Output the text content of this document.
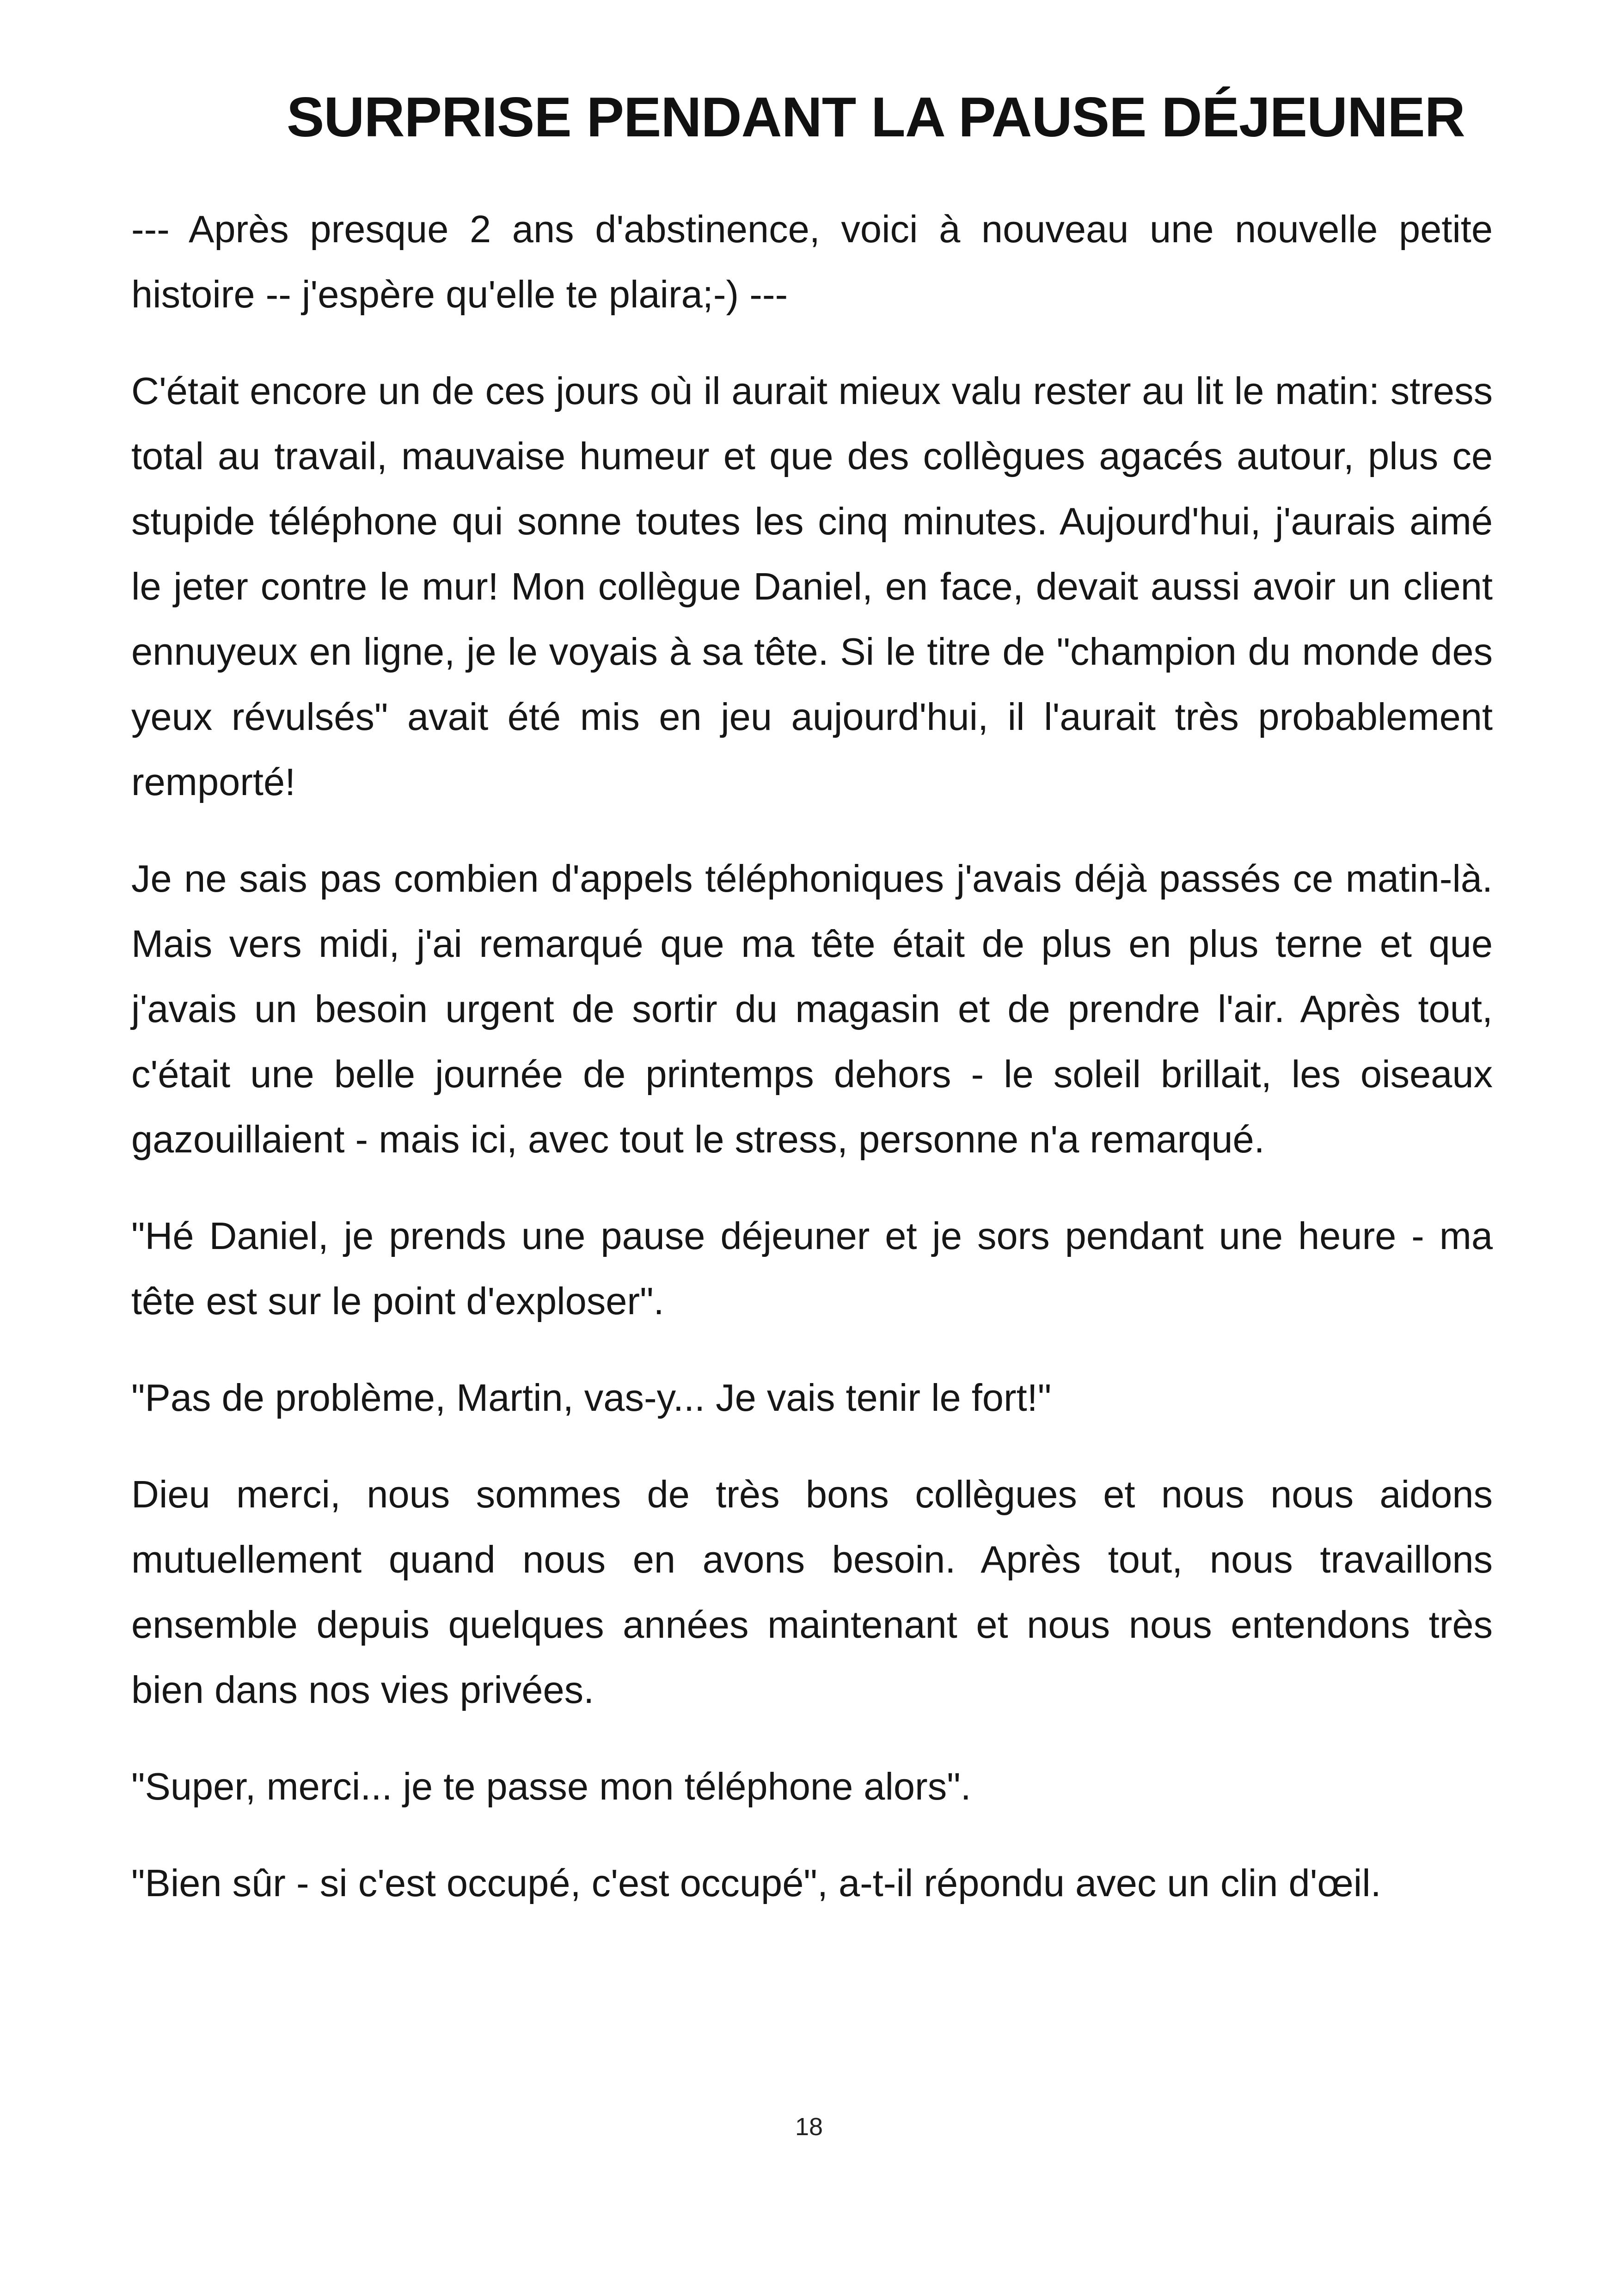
SURPRISE PENDANT LA PAUSE DÉJEUNER

--- Après presque 2 ans d'abstinence, voici à nouveau une nouvelle petite histoire -- j'espère qu'elle te plaira;-) ---

C'était encore un de ces jours où il aurait mieux valu rester au lit le matin: stress total au travail, mauvaise humeur et que des collègues agacés autour, plus ce stupide téléphone qui sonne toutes les cinq minutes. Aujourd'hui, j'aurais aimé le jeter contre le mur! Mon collègue Daniel, en face, devait aussi avoir un client ennuyeux en ligne, je le voyais à sa tête. Si le titre de "champion du monde des yeux révulsés" avait été mis en jeu aujourd'hui, il l'aurait très probablement remporté!

Je ne sais pas combien d'appels téléphoniques j'avais déjà passés ce matin-là. Mais vers midi, j'ai remarqué que ma tête était de plus en plus terne et que j'avais un besoin urgent de sortir du magasin et de prendre l'air. Après tout, c'était une belle journée de printemps dehors - le soleil brillait, les oiseaux gazouillaient - mais ici, avec tout le stress, personne n'a remarqué.

"Hé Daniel, je prends une pause déjeuner et je sors pendant une heure - ma tête est sur le point d'exploser".

"Pas de problème, Martin, vas-y... Je vais tenir le fort!"

Dieu merci, nous sommes de très bons collègues et nous nous aidons mutuellement quand nous en avons besoin. Après tout, nous travaillons ensemble depuis quelques années maintenant et nous nous entendons très bien dans nos vies privées.

"Super, merci... je te passe mon téléphone alors".

"Bien sûr - si c'est occupé, c'est occupé", a-t-il répondu avec un clin d'œil.

18
